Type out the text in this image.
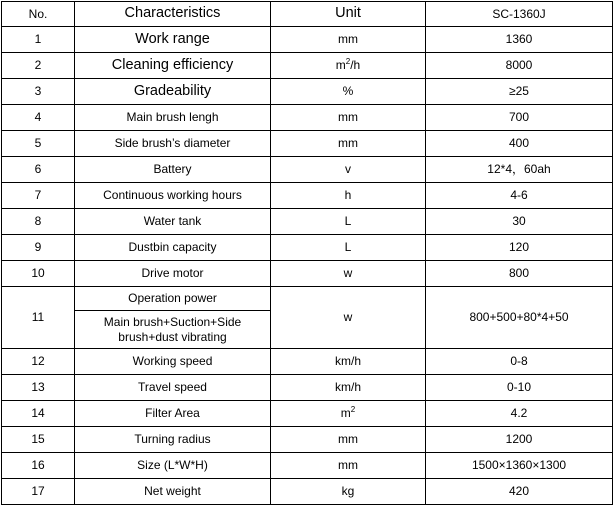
No.	Characteristics	Unit	SC-1360J
1	Work range	mm	1360
2	Cleaning efficiency	$m^2/h$	8000
3	Gradeability	%	≥25
4	Main brush lengh	mm	700
5	Side brush’s diameter	mm	400
6	Battery	v	12*4，60ah
7	Continuous working hours	h	4-6
8	Water tank	L	30
9	Dustbin capacity	L	120
10	Drive motor	w	800
11	Operation power	w	800+500+80*4+50
	Main brush+Suction+Side brush+dust vibrating		
12	Working speed	km/h	0-8
13	Travel speed	km/h	0-10
14	Filter Area	$m^2$	4.2
15	Turning radius	mm	1200
16	Size (L*W*H)	mm	1500×1360×1300
17	Net weight	kg	420
